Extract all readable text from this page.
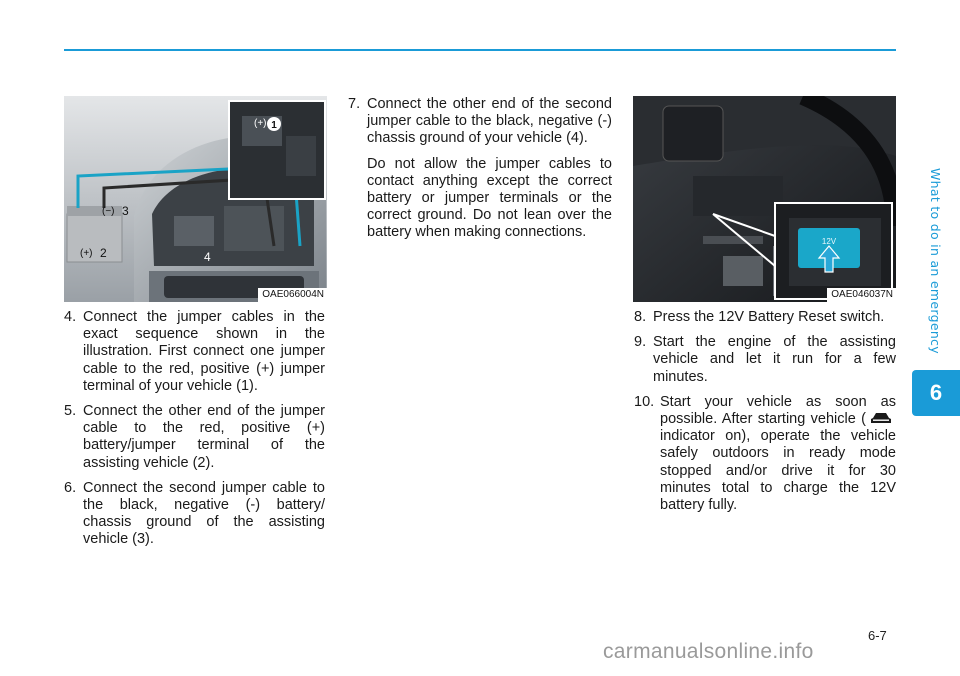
What to do in an emergency
6
1
(+)
(−) 3
(+) 2	4
OAE066004N
12V
OAE046037N
4. Connect the jumper cables in the exact sequence shown in the illustration. First connect one jumper cable to the red, positive (+) jumper terminal of your vehicle (1).
5. Connect the other end of the jumper cable to the red, positive (+) battery/jumper terminal of the assisting vehicle (2).
6. Connect the second jumper cable to the black, negative (-) battery/ chassis ground of the assisting vehicle (3).
7. Connect the other end of the second jumper cable to the black, negative (-) chassis ground of your vehicle (4).
Do not allow the jumper cables to contact anything except the correct battery or jumper terminals or the correct ground. Do not lean over the battery when making connections.
8. Press the 12V Battery Reset switch.
9. Start the engine of the assisting vehicle and let it run for a few minutes.
10. Start your vehicle as soon as possible. After starting vehicle ( indicator on), operate the vehicle safely outdoors in ready mode stopped and/or drive it for 30 minutes total to charge the 12V battery fully.
6-7
carmanualsonline.info
